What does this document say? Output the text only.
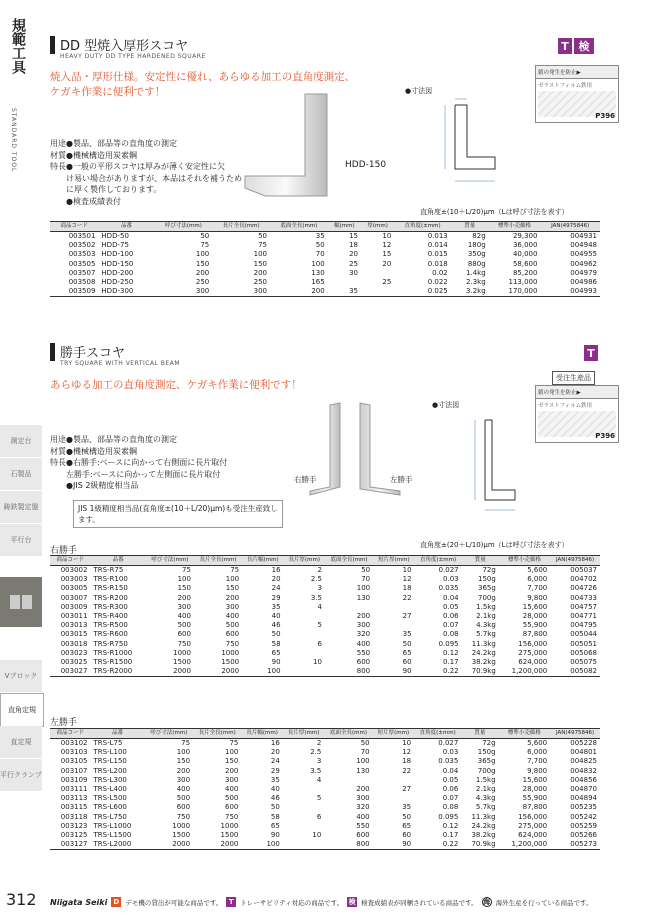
規範工具
STANDARD TOOL
測定台
石製品
鋳鉄製定盤
平行台
Vブロック
直角定規
直定規
平行クランプ
312
DD 型焼入厚形スコヤ
HEAVY DUTY DD TYPE HARDENED SQUARE
T 検
焼入品・厚形仕様。安定性に優れ、あらゆる加工の直角度測定、
ケガキ作業に便利です！
用途●製品、部品等の直角度の測定
材質●機械構造用炭素鋼
特長●一般の平形スコヤは厚みが薄く安定性に欠
　　け易い場合がありますが、本品はそれを補うため
　　に厚く製作しております。
　　●検査成績表付
HDD-150
●寸法図
錆の発生を防止▶
ゼラストフィルム鉄用
P396
直角度±(10＋L/20)μm（Lは呼び寸法を表す）
商品コード	品番	呼び寸法(mm)	長片全長(mm)	底面全長(mm)	幅(mm)	厚(mm)	直角度(±mm)	質量	標準小売価格	JAN(4975846)
003501	HDD-50	50	50	35	15	10	0.013	82g	29,300	004931
003502	HDD-75	75	75	50	18	12	0.014	180g	36,000	004948
003503	HDD-100	100	100	70	20	15	0.015	350g	40,000	004955
003505	HDD-150	150	150	100	25	20	0.018	880g	58,600	004962
003507	HDD-200	200	200	130	30		0.02	1.4kg	85,200	004979
003508	HDD-250	250	250	165		25	0.022	2.3kg	113,000	004986
003509	HDD-300	300	300	200	35		0.025	3.2kg	170,000	004993
勝手スコヤ
TRY SQUARE WITH VERTICAL BEAM
T
受注生産品
あらゆる加工の直角度測定、ケガキ作業に便利です！
用途●製品、部品等の直角度の測定
材質●機械構造用炭素鋼
特長●右勝手:ベースに向かって右側面に長片取付
　　左勝手:ベースに向かって左側面に長片取付
　　●JIS 2級精度相当品
JIS 1級精度相当品(直角度±(10＋L/20)μm)も受注生産致します。
右勝手	左勝手
●寸法図
錆の発生を防止▶
ゼラストフィルム鉄用
P396
直角度±(20＋L/10)μm（Lは呼び寸法を表す）
右勝手
商品コード	品番	呼び寸法(mm)	長片全長(mm)	長片幅(mm)	長片厚(mm)	底面全長(mm)	短片厚(mm)	直角度(±mm)	質量	標準小売価格	JAN(4975846)
003002	TRS-R75	75	75	16	2	50	10	0.027	72g	5,600	005037
003003	TRS-R100	100	100	20	2.5	70	12	0.03	150g	6,000	004702
003005	TRS-R150	150	150	24	3	100	18	0.035	365g	7,700	004726
003007	TRS-R200	200	200	29	3.5	130	22	0.04	700g	9,800	004733
003009	TRS-R300	300	300	35	4			0.05	1.5kg	15,600	004757
003011	TRS-R400	400	400	40		200	27	0.06	2.1kg	28,000	004771
003013	TRS-R500	500	500	46	5	300		0.07	4.3kg	55,900	004795
003015	TRS-R600	600	600	50		320	35	0.08	5.7kg	87,800	005044
003018	TRS-R750	750	750	58	6	400	50	0.095	11.3kg	156,000	005051
003023	TRS-R1000	1000	1000	65		550	65	0.12	24.2kg	275,000	005068
003025	TRS-R1500	1500	1500	90	10	600	60	0.17	38.2kg	624,000	005075
003027	TRS-R2000	2000	2000	100		800	90	0.22	70.9kg	1,200,000	005082
左勝手
商品コード	品番	呼び寸法(mm)	長片全長(mm)	長片幅(mm)	長片厚(mm)	底面全長(mm)	短片厚(mm)	直角度(±mm)	質量	標準小売価格	JAN(4975846)
003102	TRS-L75	75	75	16	2	50	10	0.027	72g	5,600	005228
003103	TRS-L100	100	100	20	2.5	70	12	0.03	150g	6,000	004801
003105	TRS-L150	150	150	24	3	100	18	0.035	365g	7,700	004825
003107	TRS-L200	200	200	29	3.5	130	22	0.04	700g	9,800	004832
003109	TRS-L300	300	300	35	4			0.05	1.5kg	15,600	004856
003111	TRS-L400	400	400	40		200	27	0.06	2.1kg	28,000	004870
003113	TRS-L500	500	500	46	5	300		0.07	4.3kg	55,900	004894
003115	TRS-L600	600	600	50		320	35	0.08	5.7kg	87,800	005235
003118	TRS-L750	750	750	58	6	400	50	0.095	11.3kg	156,000	005242
003123	TRS-L1000	1000	1000	65		550	65	0.12	24.2kg	275,000	005259
003125	TRS-L1500	1500	1500	90	10	600	60	0.17	38.2kg	624,000	005266
003127	TRS-L2000	2000	2000	100		800	90	0.22	70.9kg	1,200,000	005273
Niigata Seiki D デモ機の貸出が可能な商品です。 T	トレーサビリティ対応の商品です。 検 検査成績表が同梱されている商品です。 海 海外生産を行っている商品です。
